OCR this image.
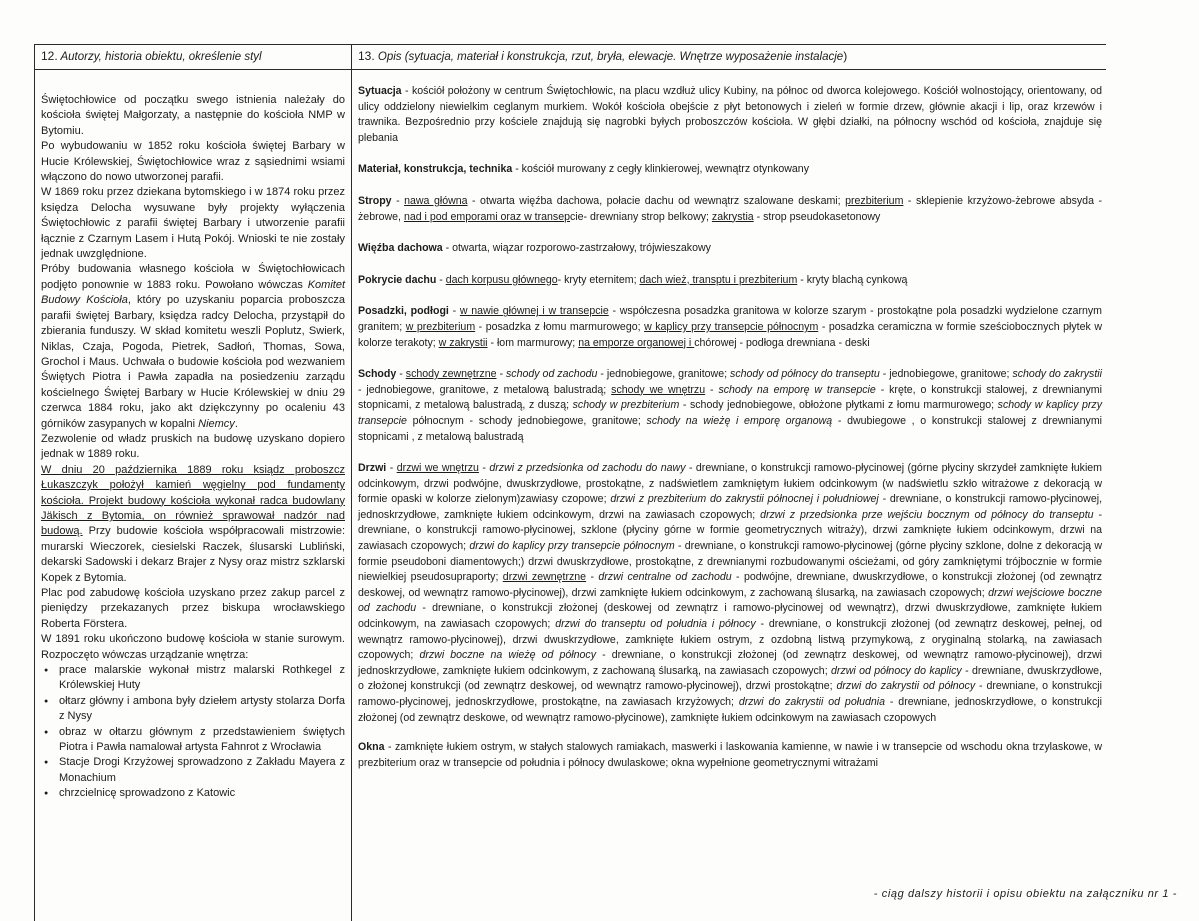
12. Autorzy, historia obiektu, określenie styl

Świętochłowice od początku swego istnienia należały do kościoła świętej Małgorzaty, a następnie do kościoła NMP w Bytomiu.

Po wybudowaniu w 1852 roku kościoła świętej Barbary w Hucie Królewskiej, Świętochłowice wraz z sąsiednimi wsiami włączono do nowo utworzonej parafii.

W 1869 roku przez dziekana bytomskiego i w 1874 roku przez księdza Delocha wysuwane były projekty wyłączenia Świętochłowic z parafii świętej Barbary i utworzenie parafii łącznie z Czarnym Lasem i Hutą Pokój. Wnioski te nie zostały jednak uwzględnione.

Próby budowania własnego kościoła w Świętochłowicach podjęto ponownie w 1883 roku. Powołano wówczas Komitet Budowy Kościoła, który po uzyskaniu poparcia proboszcza parafii świętej Barbary, księdza radcy Delocha, przystąpił do zbierania funduszy. W skład komitetu weszli Poplutz, Swierk, Niklas, Czaja, Pogoda, Pietrek, Sadłoń, Thomas, Sowa, Grochol i Maus. Uchwała o budowie kościoła pod wezwaniem Świętych Piotra i Pawła zapadła na posiedzeniu zarządu kościelnego Świętej Barbary w Hucie Królewskiej w dniu 29 czerwca 1884 roku, jako akt dziękczynny po ocaleniu 43 górników zasypanych w kopalni Niemcy.

Zezwolenie od władz pruskich na budowę uzyskano dopiero jednak w 1889 roku.

W dniu 20 października 1889 roku ksiądz proboszcz Łukaszczyk położył kamień węgielny pod fundamenty kościoła. Projekt budowy kościoła wykonał radca budowlany Jäkisch z Bytomia, on również sprawował nadzór nad budową. Przy budowie kościoła współpracowali mistrzowie: murarski Wieczorek, ciesielski Raczek, ślusarski Lubliński, dekarski Sadowski i dekarz Brajer z Nysy oraz mistrz szklarski Kopek z Bytomia.

Plac pod zabudowę kościoła uzyskano przez zakup parcel z pieniędzy przekazanych przez biskupa wrocławskiego Roberta Förstera.

W 1891 roku ukończono budowę kościoła w stanie surowym. Rozpoczęto wówczas urządzanie wnętrza:

● prace malarskie wykonał mistrz malarski Rothkegel z Królewskiej Huty
● ołtarz główny i ambona były dziełem artysty stolarza Dorfa z Nysy
● obraz w ołtarzu głównym z przedstawieniem świętych Piotra i Pawła namalował artysta Fahnrot z Wrocławia
● Stacje Drogi Krzyżowej sprowadzono z Zakładu Mayera z Monachium
● chrzcielnicę sprowadzono z Katowic
13. Opis (sytuacja, materiał i konstrukcja, rzut, bryła, elewacje. Wnętrze wyposażenie instalacje)

Sytuacja - kościół położony w centrum Świętochłowic, na placu wzdłuż ulicy Kubiny, na północ od dworca kolejowego. Kościół wolnostojący, orientowany, od ulicy oddzielony niewielkim ceglanym murkiem. Wokół kościoła obejście z płyt betonowych i zieleń w formie drzew, głównie akacji i lip, oraz krzewów i trawnika. Bezpośrednio przy kościele znajdują się nagrobki byłych proboszczów kościoła. W głębi działki, na północny wschód od kościoła, znajduje się plebania

Materiał, konstrukcja, technika - kościół murowany z cegły klinkierowej, wewnątrz otynkowany

Stropy - nawa główna - otwarta więźba dachowa, połacie dachu od wewnątrz szalowane deskami; prezbiterium - sklepienie krzyżowo-żebrowe absyda - żebrowe, nad i pod emporami oraz w transepcie- drewniany strop belkowy; zakrystia - strop pseudokasetonowy

Więźba dachowa - otwarta, wiązar rozporowo-zastrzałowy, trójwieszakowy

Pokrycie dachu - dach korpusu głównego- kryty eternitem; dach wież, transptu i prezbiterium - kryty blachą cynkową

Posadzki, podłogi - w nawie głównej i w transepcie - współczesna posadzka granitowa w kolorze szarym - prostokątne pola posadzki wydzielone czarnym granitem; w prezbiterium - posadzka z łomu marmurowego; w kaplicy przy transepcie północnym - posadzka ceramiczna w formie sześciobocznych płytek w kolorze terakoty; w zakrystii - łom marmurowy; na emporze organowej i chórowej - podłoga drewniana - deski

Schody - schody zewnętrzne - schody od zachodu - jednobiegowe, granitowe; schody od północy do transeptu - jednobiegowe, granitowe; schody do zakrystii - jednobiegowe, granitowe, z metalową balustradą; schody we wnętrzu - schody na emporę w transepcie - kręte, o konstrukcji stalowej, z drewnianymi stopnicami, z metalową balustradą, z duszą; schody w prezbiterium - schody jednobiegowe, obłożone płytkami z łomu marmurowego; schody w kaplicy przy transepcie północnym - schody jednobiegowe, granitowe; schody na wieżę i emporę organową - dwubiegowe , o konstrukcji stalowej z drewnianymi stopnicami , z metalową balustradą

Drzwi - drzwi we wnętrzu - drzwi z przedsionka od zachodu do nawy - drewniane, o konstrukcji ramowo-płycinowej (górne płyciny skrzydeł zamknięte łukiem odcinkowym, drzwi podwójne, dwuskrzydłowe, prostokątne, z nadświetlem zamkniętym łukiem odcinkowym (w nadświetlu szkło witrażowe z dekoracją w formie opaski w kolorze zielonym)zawiasy czopowe; drzwi z prezbiterium do zakrystii północnej i południowej - drewniane, o konstrukcji ramowo-płycinowej, jednoskrzydłowe, zamknięte łukiem odcinkowym, drzwi na zawiasach czopowych; drzwi z przedsionka prze wejściu bocznym od północy do transeptu - drewniane, o konstrukcji ramowo-płycinowej, szklone (płyciny górne w formie geometrycznych witraży), drzwi zamknięte łukiem odcinkowym, drzwi na zawiasach czopowych; drzwi do kaplicy przy transepcie północnym - drewniane, o konstrukcji ramowo-płycinowej (górne płyciny szklone, dolne z dekoracją w formie pseudoboni diamentowych;) drzwi dwuskrzydłowe, prostokątne, z drewnianymi rozbudowanymi ościeżami, od góry zamkniętymi trójbocznie w formie niewielkiej pseudosupraporty; drzwi zewnętrzne - drzwi centralne od zachodu - podwójne, drewniane, dwuskrzydłowe, o konstrukcji złożonej (od zewnątrz deskowej, od wewnątrz ramowo-płycinowej), drzwi zamknięte łukiem odcinkowym, z zachowaną ślusarką, na zawiasach czopowych; drzwi wejściowe boczne od zachodu - drewniane, o konstrukcji złożonej (deskowej od zewnątrz i ramowo-płycinowej od wewnątrz), drzwi dwuskrzydłowe, zamknięte łukiem odcinkowym, na zawiasach czopowych; drzwi do transeptu od południa i północy - drewniane, o konstrukcji złożonej (od zewnątrz deskowej, pełnej, od wewnątrz ramowo-płycinowej), drzwi dwuskrzydłowe, zamknięte łukiem ostrym, z ozdobną listwą przymykową, z oryginalną stolarką, na zawiasach czopowych; drzwi boczne na wieżę od północy - drewniane, o konstrukcji złożonej (od zewnątrz deskowej, od wewnątrz ramowo-płycinowej), drzwi jednoskrzydłowe, zamknięte łukiem odcinkowym, z zachowaną ślusarką, na zawiasach czopowych; drzwi od północy do kaplicy - drewniane, dwuskrzydłowe, o złożonej konstrukcji (od zewnątrz deskowej, od wewnątrz ramowo-płycinowej), drzwi prostokątne; drzwi do zakrystii od północy - drewniane, o konstrukcji ramowo-płycinowej, jednoskrzydłowe, prostokątne, na zawiasach krzyżowych; drzwi do zakrystii od południa - drewniane, jednoskrzydłowe, o konstrukcji złożonej (od zewnątrz deskowe, od wewnątrz ramowo-płycinowe), zamknięte łukiem odcinkowym na zawiasach czopowych

Okna - zamknięte łukiem ostrym, w stałych stalowych ramiakach, maswerki i laskowania kamienne, w nawie i w transepcie od wschodu okna trzylaskowe, w prezbiterium oraz w transepcie od południa i północy dwulaskowe; okna wypełnione geometrycznymi witrażami

- ciąg dalszy historii i opisu obiektu na załączniku nr 1 -
